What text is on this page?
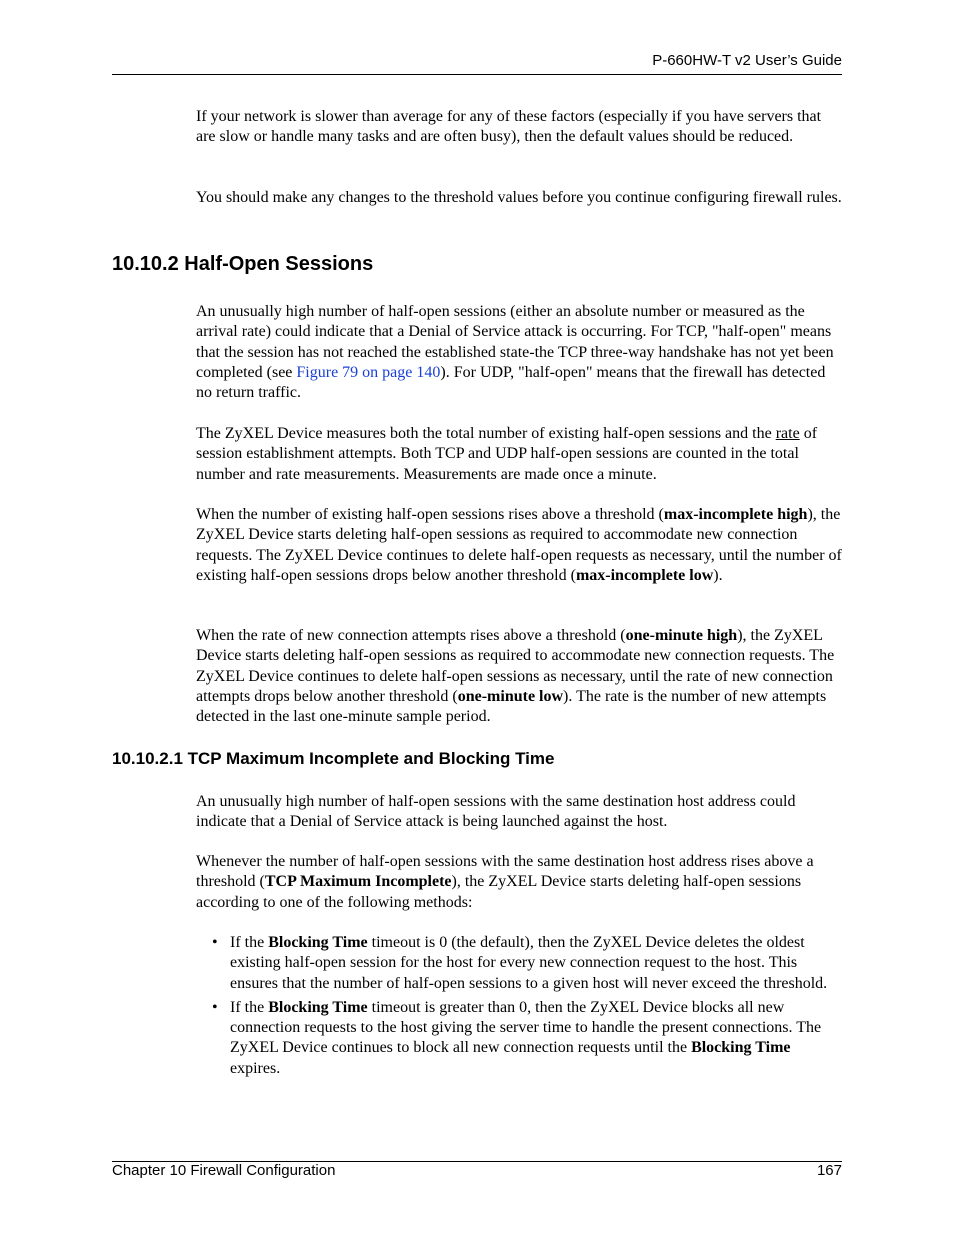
P-660HW-T v2 User’s Guide

If your network is slower than average for any of these factors (especially if you have servers that are slow or handle many tasks and are often busy), then the default values should be reduced.

You should make any changes to the threshold values before you continue configuring firewall rules.

10.10.2 Half-Open Sessions

An unusually high number of half-open sessions (either an absolute number or measured as the arrival rate) could indicate that a Denial of Service attack is occurring. For TCP, "half-open" means that the session has not reached the established state-the TCP three-way handshake has not yet been completed (see Figure 79 on page 140). For UDP, "half-open" means that the firewall has detected no return traffic.

The ZyXEL Device measures both the total number of existing half-open sessions and the rate of session establishment attempts. Both TCP and UDP half-open sessions are counted in the total number and rate measurements. Measurements are made once a minute.

When the number of existing half-open sessions rises above a threshold (max-incomplete high), the ZyXEL Device starts deleting half-open sessions as required to accommodate new connection requests. The ZyXEL Device continues to delete half-open requests as necessary, until the number of existing half-open sessions drops below another threshold (max-incomplete low).

When the rate of new connection attempts rises above a threshold (one-minute high), the ZyXEL Device starts deleting half-open sessions as required to accommodate new connection requests. The ZyXEL Device continues to delete half-open sessions as necessary, until the rate of new connection attempts drops below another threshold (one-minute low). The rate is the number of new attempts detected in the last one-minute sample period.

10.10.2.1 TCP Maximum Incomplete and Blocking Time

An unusually high number of half-open sessions with the same destination host address could indicate that a Denial of Service attack is being launched against the host.

Whenever the number of half-open sessions with the same destination host address rises above a threshold (TCP Maximum Incomplete), the ZyXEL Device starts deleting half-open sessions according to one of the following methods:

• If the Blocking Time timeout is 0 (the default), then the ZyXEL Device deletes the oldest existing half-open session for the host for every new connection request to the host. This ensures that the number of half-open sessions to a given host will never exceed the threshold.
• If the Blocking Time timeout is greater than 0, then the ZyXEL Device blocks all new connection requests to the host giving the server time to handle the present connections. The ZyXEL Device continues to block all new connection requests until the Blocking Time expires.
Chapter 10 Firewall Configuration	167
